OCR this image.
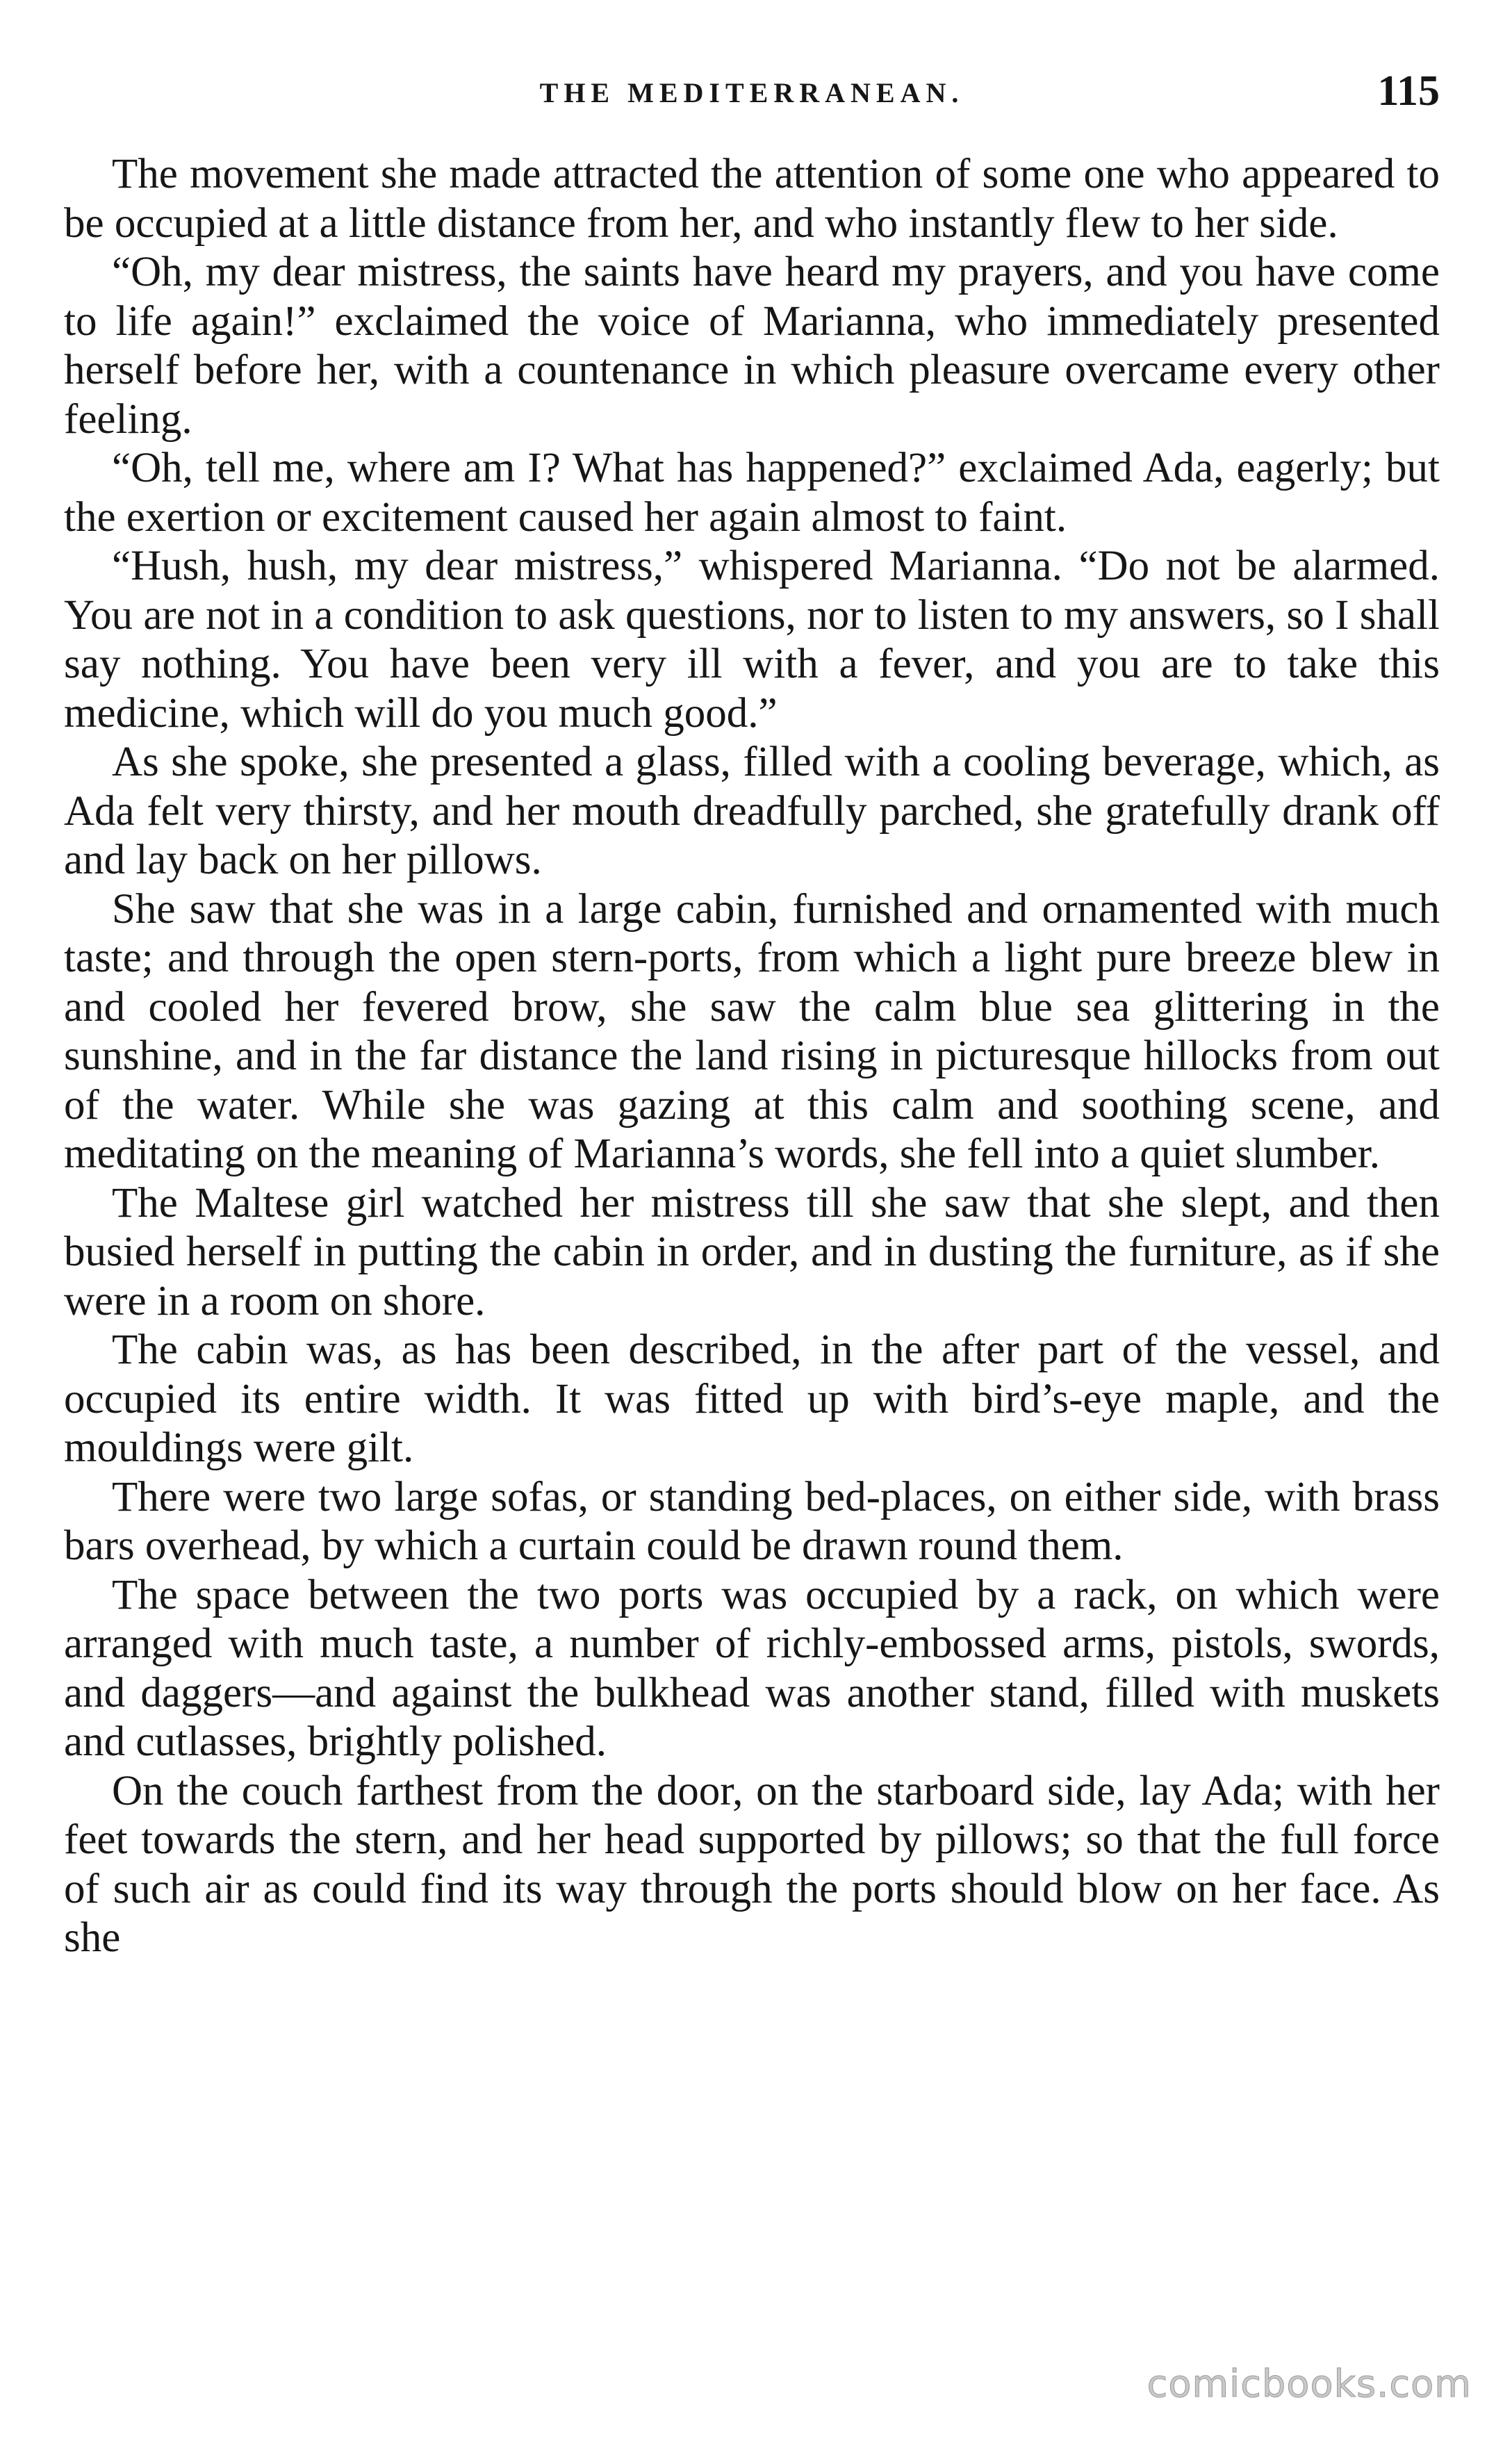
THE MEDITERRANEAN.	115

The movement she made attracted the attention of some one who appeared to be occupied at a little distance from her, and who instantly flew to her side.

“Oh, my dear mistress, the saints have heard my prayers, and you have come to life again!” exclaimed the voice of Marianna, who immediately presented herself before her, with a countenance in which pleasure overcame every other feeling.

“Oh, tell me, where am I? What has happened?” exclaimed Ada, eagerly; but the exertion or excitement caused her again almost to faint.

“Hush, hush, my dear mistress,” whispered Marianna. “Do not be alarmed. You are not in a condition to ask questions, nor to listen to my answers, so I shall say nothing. You have been very ill with a fever, and you are to take this medicine, which will do you much good.”

As she spoke, she presented a glass, filled with a cooling beverage, which, as Ada felt very thirsty, and her mouth dreadfully parched, she gratefully drank off and lay back on her pillows.

She saw that she was in a large cabin, furnished and ornamented with much taste; and through the open stern-ports, from which a light pure breeze blew in and cooled her fevered brow, she saw the calm blue sea glittering in the sunshine, and in the far distance the land rising in picturesque hillocks from out of the water. While she was gazing at this calm and soothing scene, and meditating on the meaning of Marianna’s words, she fell into a quiet slumber.

The Maltese girl watched her mistress till she saw that she slept, and then busied herself in putting the cabin in order, and in dusting the furniture, as if she were in a room on shore.

The cabin was, as has been described, in the after part of the vessel, and occupied its entire width. It was fitted up with bird’s-eye maple, and the mouldings were gilt.

There were two large sofas, or standing bed-places, on either side, with brass bars overhead, by which a curtain could be drawn round them.

The space between the two ports was occupied by a rack, on which were arranged with much taste, a number of richly-embossed arms, pistols, swords, and daggers—and against the bulkhead was another stand, filled with muskets and cutlasses, brightly polished.

On the couch farthest from the door, on the starboard side, lay Ada; with her feet towards the stern, and her head supported by pillows; so that the full force of such air as could find its way through the ports should blow on her face. As she

comicbooks.com
